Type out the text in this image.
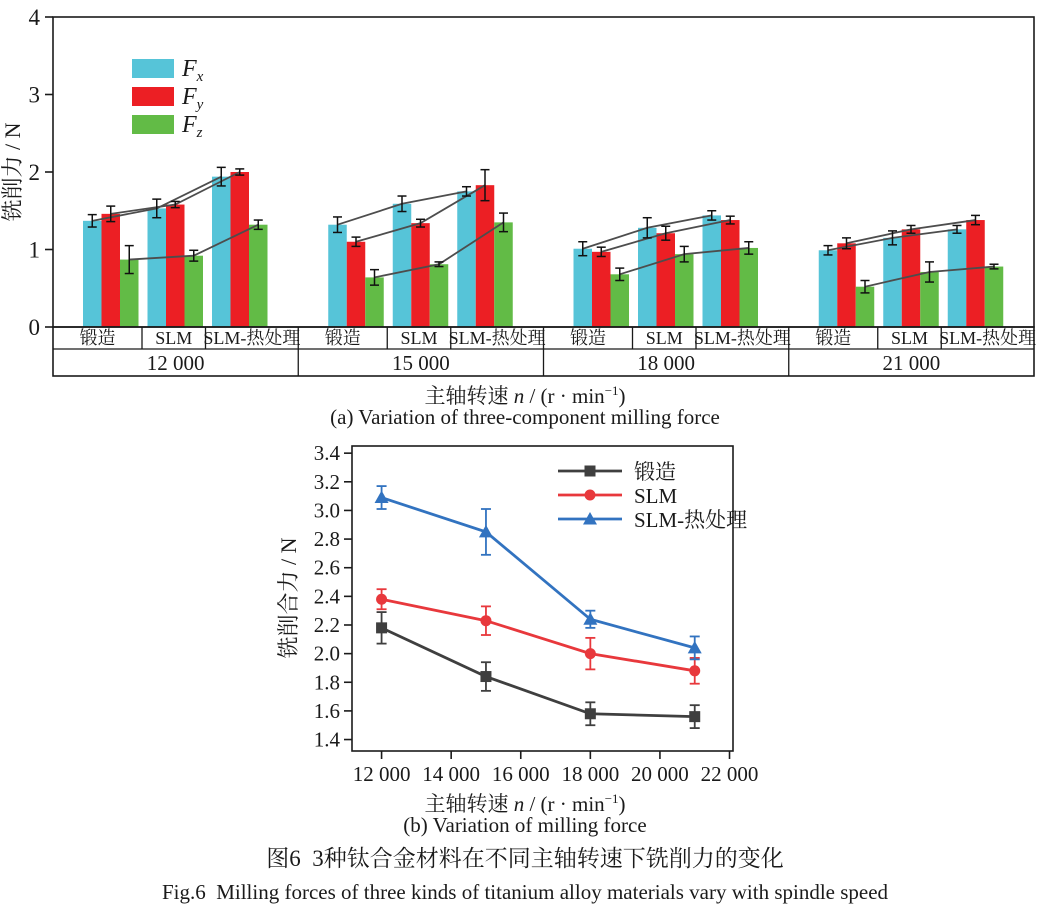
铣削力 / N
0
1
2
3
4
$F_x$
$F_y$
$F_z$
锻造 SLM SLM-热处理
12 000
锻造 SLM SLM-热处理
15 000
锻造 SLM SLM-热处理
18 000
锻造 SLM SLM-热处理
21 000
主轴转速 $n / (r \cdot \min^{-1})$
(a) Variation of three-component milling force
铣削合力 / N
1.4
1.6
1.8
2.0
2.2
2.4
2.6
2.8
3.0
3.2
3.4
12 000 14 000 16 000 18 000 20 000 22 000
锻造
SLM
SLM-热处理
主轴转速 $n / (r \cdot \min^{-1})$
(b) Variation of milling force
图6  3种钛合金材料在不同主轴转速下铣削力的变化
Fig.6  Milling forces of three kinds of titanium alloy materials vary with spindle speed
